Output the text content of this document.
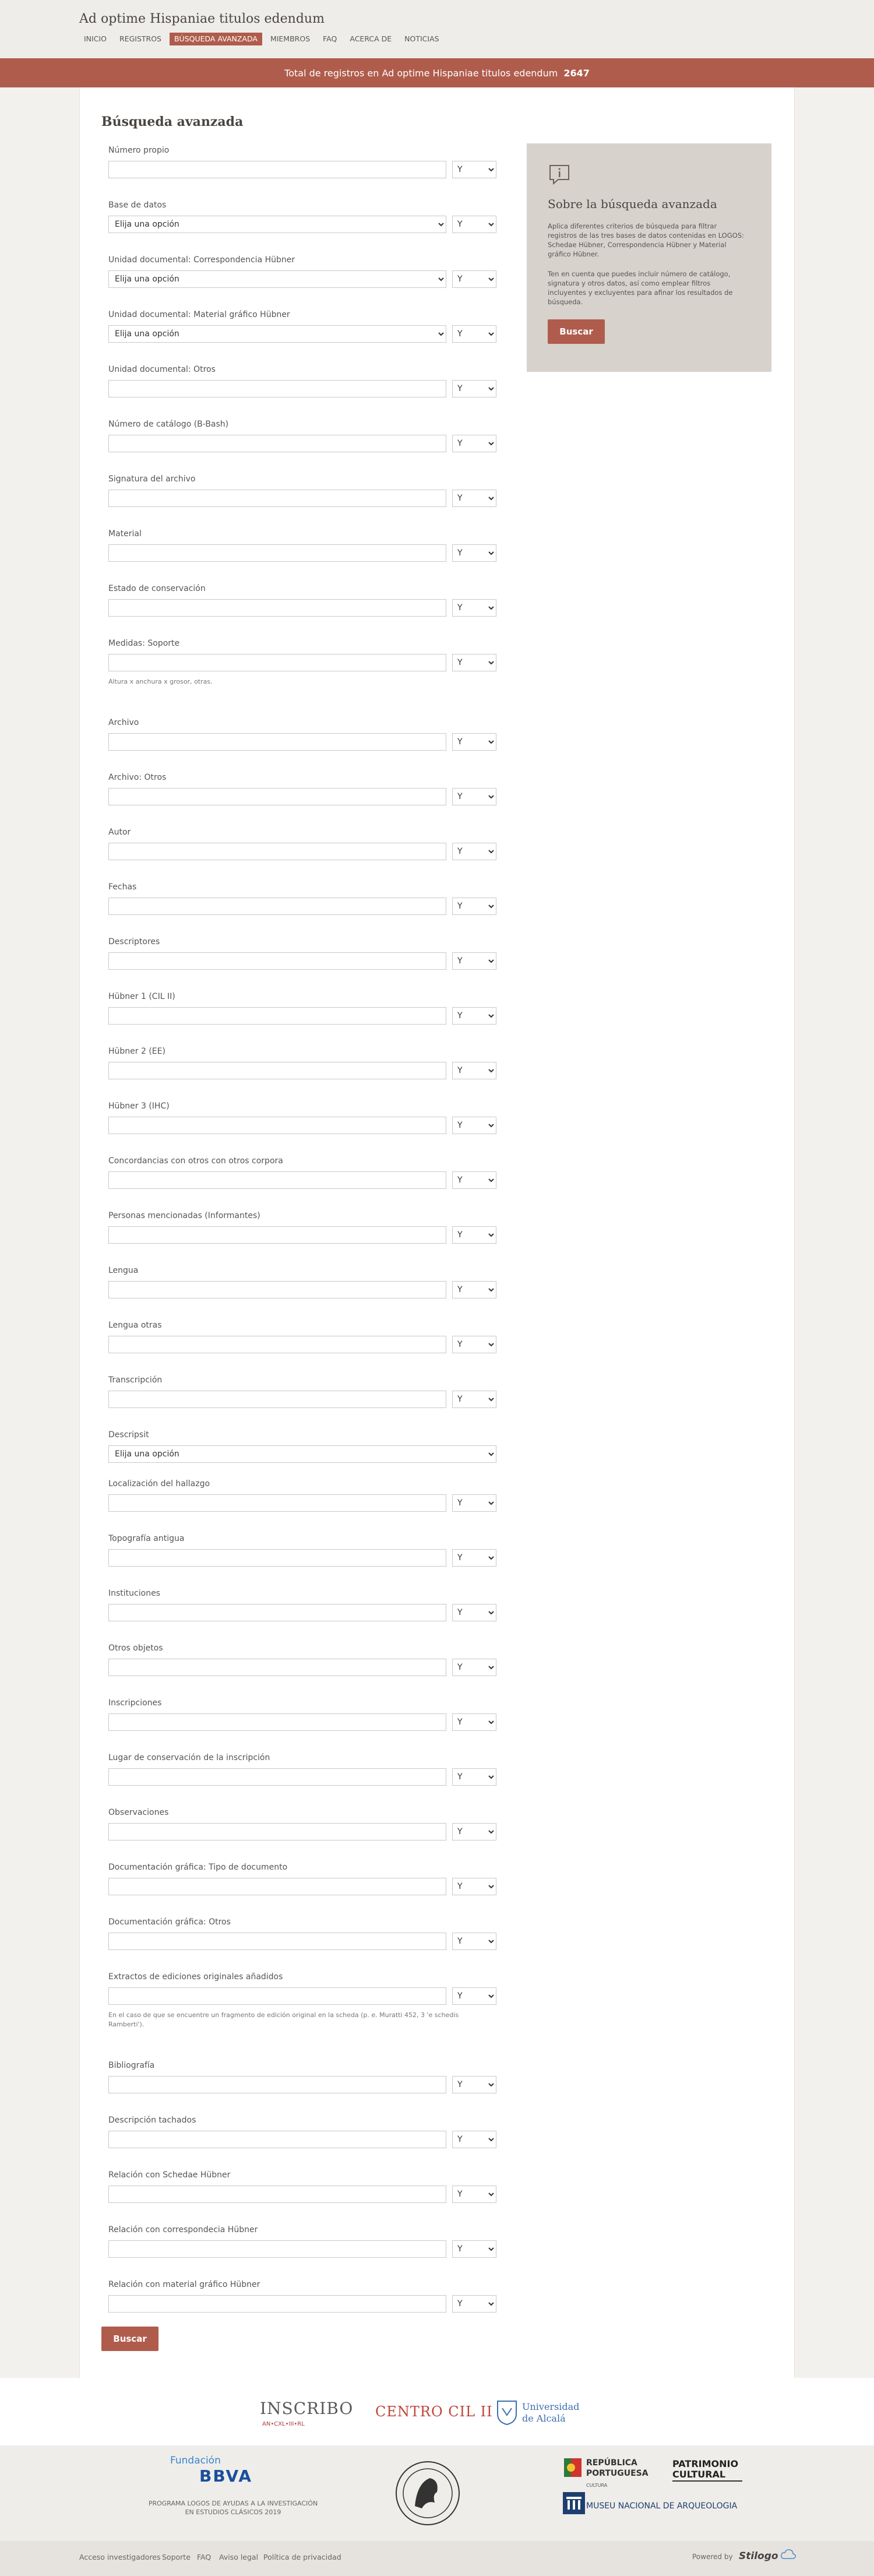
Ad optime Hispaniae titulos edendum
INICIO	REGISTROS	BÚSQUEDA AVANZADA	MIEMBROS	FAQ	ACERCA DE	NOTICIAS
Total de registros en Ad optime Hispaniae titulos edendum 2647
Búsqueda avanzada
Número propio
Y
Base de datos
Elija una opción
Y
Unidad documental: Correspondencia Hübner
Elija una opción
Y
Unidad documental: Material gráfico Hübner
Elija una opción
Y
Unidad documental: Otros
Y
Número de catálogo (B-Bash)
Y
Signatura del archivo
Y
Material
Y
Estado de conservación
Y
Medidas: Soporte
Y
Altura x anchura x grosor, otras.
Archivo
Y
Archivo: Otros
Y
Autor
Y
Fechas
Y
Descriptores
Y
Hübner 1 (CIL II)
Y
Hübner 2 (EE)
Y
Hübner 3 (IHC)
Y
Concordancias con otros con otros corpora
Y
Personas mencionadas (Informantes)
Y
Lengua
Y
Lengua otras
Y
Transcripción
Y
Descripsit
Elija una opción
Localización del hallazgo
Y
Topografía antigua
Y
Instituciones
Y
Otros objetos
Y
Inscripciones
Y
Lugar de conservación de la inscripción
Y
Observaciones
Y
Documentación gráfica: Tipo de documento
Y
Documentación gráfica: Otros
Y
Extractos de ediciones originales añadidos
Y
En el caso de que se encuentre un fragmento de edición original en la scheda (p. e. Muratti 452, 3 'e schedis Ramberti').
Bibliografía
Y
Descripción tachados
Y
Relación con Schedae Hübner
Y
Relación con correspondecia Hübner
Y
Relación con material gráfico Hübner
Y
Buscar
Sobre la búsqueda avanzada

Aplica diferentes criterios de búsqueda para filtrar registros de las tres bases de datos contenidas en LOGOS: Schedae Hübner, Correspondencia Hübner y Material gráfico Hübner.

Ten en cuenta que puedes incluir número de catálogo, signatura y otros datos, así como emplear filtros incluyentes y excluyentes para afinar los resultados de búsqueda.

Buscar
INSCRIBO
AN•CXL•III•RL
CENTRO CIL II	Universidad
de Alcalá
Fundación
BBVA
PROGRAMA LOGOS DE AYUDAS A LA INVESTIGACIÓN EN ESTUDIOS CLÁSICOS 2019
REPÚBLICA
PORTUGUESA
CULTURA
PATRIMONIO
CULTURAL
MUSEU NACIONAL DE ARQUEOLOGIA
Acceso investigadores Soporte FAQ Aviso legal Política de privacidad	Powered by Stilogo
